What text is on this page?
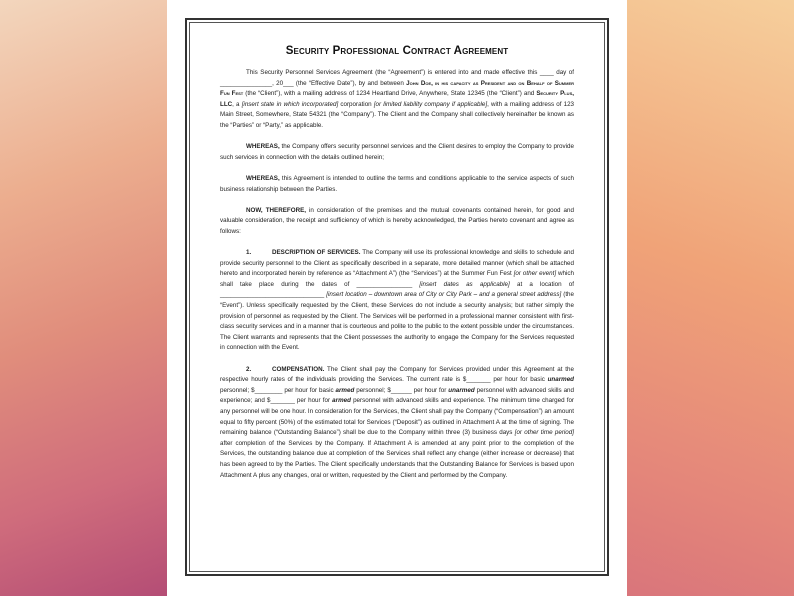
Security Professional Contract Agreement

This Security Personnel Services Agreement (the “Agreement”) is entered into and made effective this ____ day of _______________, 20___ (the “Effective Date”), by and between John Doe, in his capacity as President and on Behalf of Summer Fun Fest (the “Client”), with a mailing address of 1234 Heartland Drive, Anywhere, State 12345 (the “Client”) and Security Plus, LLC, a [insert state in which incorporated] corporation [or limited liability company if applicable], with a mailing address of 123 Main Street, Somewhere, State 54321 (the “Company”). The Client and the Company shall collectively hereinafter be known as the “Parties” or “Party,” as applicable.

WHEREAS, the Company offers security personnel services and the Client desires to employ the Company to provide such services in connection with the details outlined herein;

WHEREAS, this Agreement is intended to outline the terms and conditions applicable to the service aspects of such business relationship between the Parties.

NOW, THEREFORE, in consideration of the premises and the mutual covenants contained herein, for good and valuable consideration, the receipt and sufficiency of which is hereby acknowledged, the Parties hereto covenant and agree as follows:

1.	DESCRIPTION OF SERVICES. The Company will use its professional knowledge and skills to schedule and provide security personnel to the Client as specifically described in a separate, more detailed manner (which shall be attached hereto and incorporated herein by reference as “Attachment A”) (the “Services”) at the Summer Fun Fest [or other event] which shall take place during the dates of ________________ [insert dates as applicable] at a location of ______________________________ [insert location – downtown area of City or City Park – and a general street address] (the “Event”). Unless specifically requested by the Client, these Services do not include a security analysis; but rather simply the provision of personnel as requested by the Client. The Services will be performed in a professional manner consistent with first-class security services and in a manner that is courteous and polite to the public to the extent possible under the circumstances. The Client warrants and represents that the Client possesses the authority to engage the Company for the Services requested in connection with the Event.

2.	COMPENSATION. The Client shall pay the Company for Services provided under this Agreement at the respective hourly rates of the individuals providing the Services. The current rate is $_______ per hour for basic unarmed personnel; $________ per hour for basic armed personnel; $______ per hour for unarmed personnel with advanced skills and experience; and $_______ per hour for armed personnel with advanced skills and experience. The minimum time charged for any personnel will be one hour. In consideration for the Services, the Client shall pay the Company (“Compensation”) an amount equal to fifty percent (50%) of the estimated total for Services (“Deposit”) as outlined in Attachment A at the time of signing. The remaining balance (“Outstanding Balance”) shall be due to the Company within three (3) business days [or other time period] after completion of the Services by the Company. If Attachment A is amended at any point prior to the completion of the Services, the outstanding balance due at completion of the Services shall reflect any change (either increase or decrease) that has been agreed to by the Parties. The Client specifically understands that the Outstanding Balance for Services is based upon Attachment A plus any changes, oral or written, requested by the Client and performed by the Company.
